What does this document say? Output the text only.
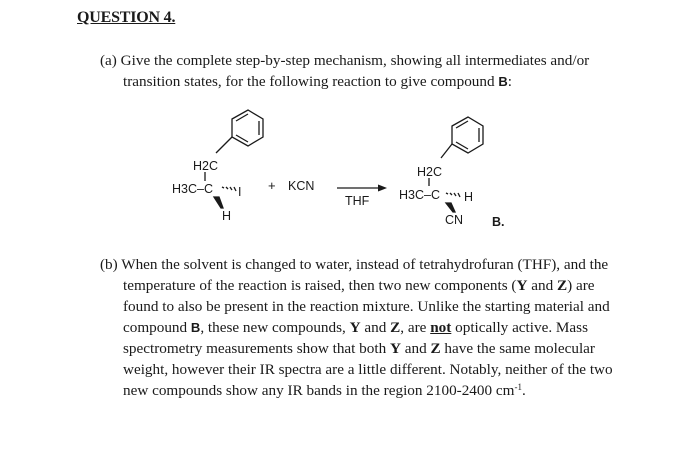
QUESTION 4.
(a) Give the complete step-by-step mechanism, showing all intermediates and/or
transition states, for the following reaction to give compound B:
H2C
H3C–C I
H
+ KCN
THF
H2C
H3C–C H
CN B.
(b) When the solvent is changed to water, instead of tetrahydrofuran (THF), and the
temperature of the reaction is raised, then two new components (Y and Z) are
found to also be present in the reaction mixture. Unlike the starting material and
compound B, these new compounds, Y and Z, are not optically active. Mass
spectrometry measurements show that both Y and Z have the same molecular
weight, however their IR spectra are a little different. Notably, neither of the two
new compounds show any IR bands in the region 2100-2400 $cm^{-1}$.
